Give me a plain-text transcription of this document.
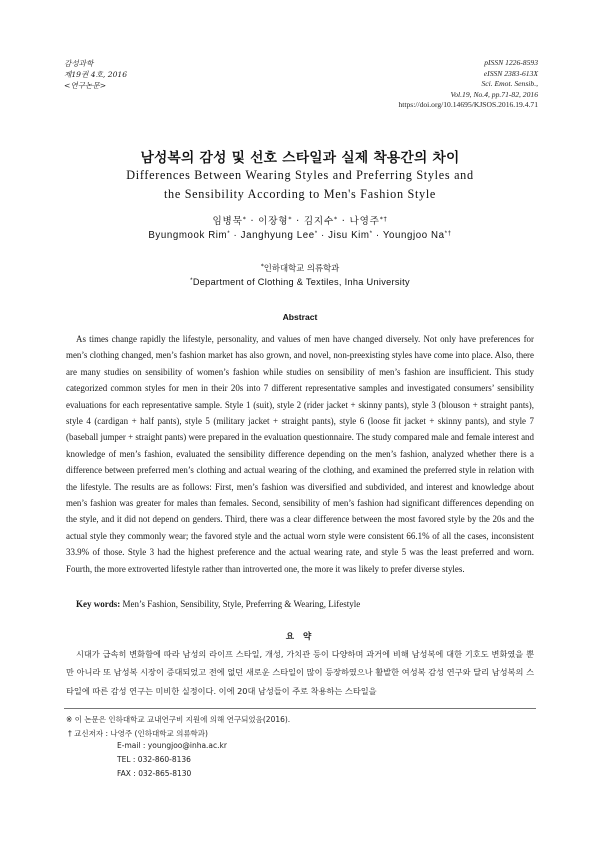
감성과학
제19권 4호, 2016
<연구논문>
pISSN 1226-8593
eISSN 2383-613X
Sci. Emot. Sensib.,
Vol.19, No.4, pp.71-82, 2016
https://doi.org/10.14695/KJSOS.2016.19.4.71
남성복의 감성 및 선호 스타일과 실제 착용간의 차이
Differences Between Wearing Styles and Preferring Styles and
the Sensibility According to Men's Fashion Style
임병묵* · 이장형* · 김지수* · 나영주*†
Byungmook Rim* · Janghyung Lee* · Jisu Kim* · Youngjoo Na*†
*인하대학교 의류학과
*Department of Clothing & Textiles, Inha University
Abstract

As times change rapidly the lifestyle, personality, and values of men have changed diversely. Not only have preferences for men’s clothing changed, men’s fashion market has also grown, and novel, non-preexisting styles have come into place. Also, there are many studies on sensibility of women’s fashion while studies on sensibility of men’s fashion are insufficient. This study categorized common styles for men in their 20s into 7 different representative samples and investigated consumers’ sensibility evaluations for each representative sample. Style 1 (suit), style 2 (rider jacket + skinny pants), style 3 (blouson + straight pants), style 4 (cardigan + half pants), style 5 (military jacket + straight pants), style 6 (loose fit jacket + skinny pants), and style 7 (baseball jumper + straight pants) were prepared in the evaluation questionnaire. The study compared male and female interest and knowledge of men’s fashion, evaluated the sensibility difference depending on the men’s fashion, analyzed whether there is a difference between preferred men’s clothing and actual wearing of the clothing, and examined the preferred style in relation with the lifestyle. The results are as follows: First, men’s fashion was diversified and subdivided, and interest and knowledge about men’s fashion was greater for males than females. Second, sensibility of men’s fashion had significant differences depending on the style, and it did not depend on genders. Third, there was a clear difference between the most favored style by the 20s and the actual style they commonly wear; the favored style and the actual worn style were consistent 66.1% of all the cases, inconsistent 33.9% of those. Style 3 had the highest preference and the actual wearing rate, and style 5 was the least preferred and worn. Fourth, the more extroverted lifestyle rather than introverted one, the more it was likely to prefer diverse styles.

Key words: Men’s Fashion, Sensibility, Style, Preferring & Wearing, Lifestyle
요 약

시대가 급속히 변화함에 따라 남성의 라이프 스타일, 개성, 가치관 등이 다양하며 과거에 비해 남성복에 대한 기호도 변화였을 뿐만 아니라 또 남성복 시장이 증대되었고 전에 없던 새로운 스타일이 많이 등장하였으나 활발한 여성복 감성 연구와 달리 남성복의 스타일에 따른 감성 연구는 미비한 실정이다. 이에 20대 남성들이 주로 착용하는 스타일을

※ 이 논문은 인하대학교 교내연구비 지원에 의해 연구되었음(2016).
† 교신저자 : 나영주 (인하대학교 의류학과)
E-mail : youngjoo@inha.ac.kr
TEL : 032-860-8136
FAX : 032-865-8130
